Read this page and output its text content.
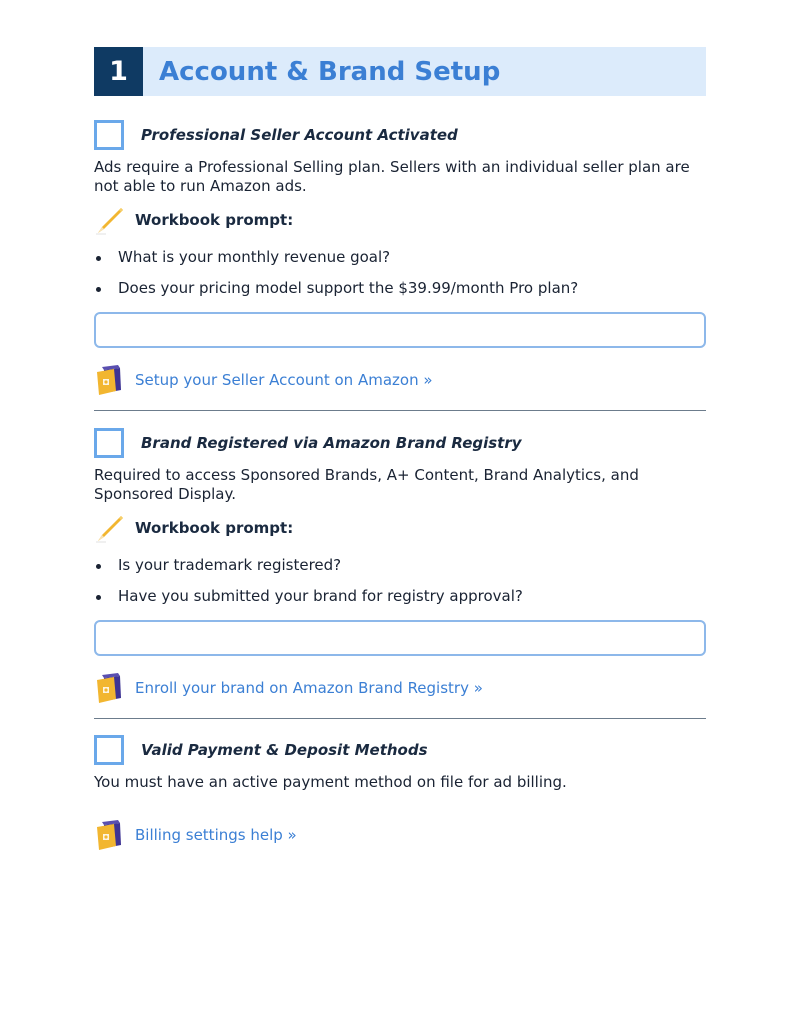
1	Account & Brand Setup
Professional Seller Account Activated
Ads require a Professional Selling plan. Sellers with an individual seller plan are not able to run Amazon ads.
Workbook prompt:
What is your monthly revenue goal?
Does your pricing model support the $39.99/month Pro plan?
Setup your Seller Account on Amazon »
Brand Registered via Amazon Brand Registry
Required to access Sponsored Brands, A+ Content, Brand Analytics, and Sponsored Display.
Workbook prompt:
Is your trademark registered?
Have you submitted your brand for registry approval?
Enroll your brand on Amazon Brand Registry »
Valid Payment & Deposit Methods
You must have an active payment method on file for ad billing.
Billing settings help »
